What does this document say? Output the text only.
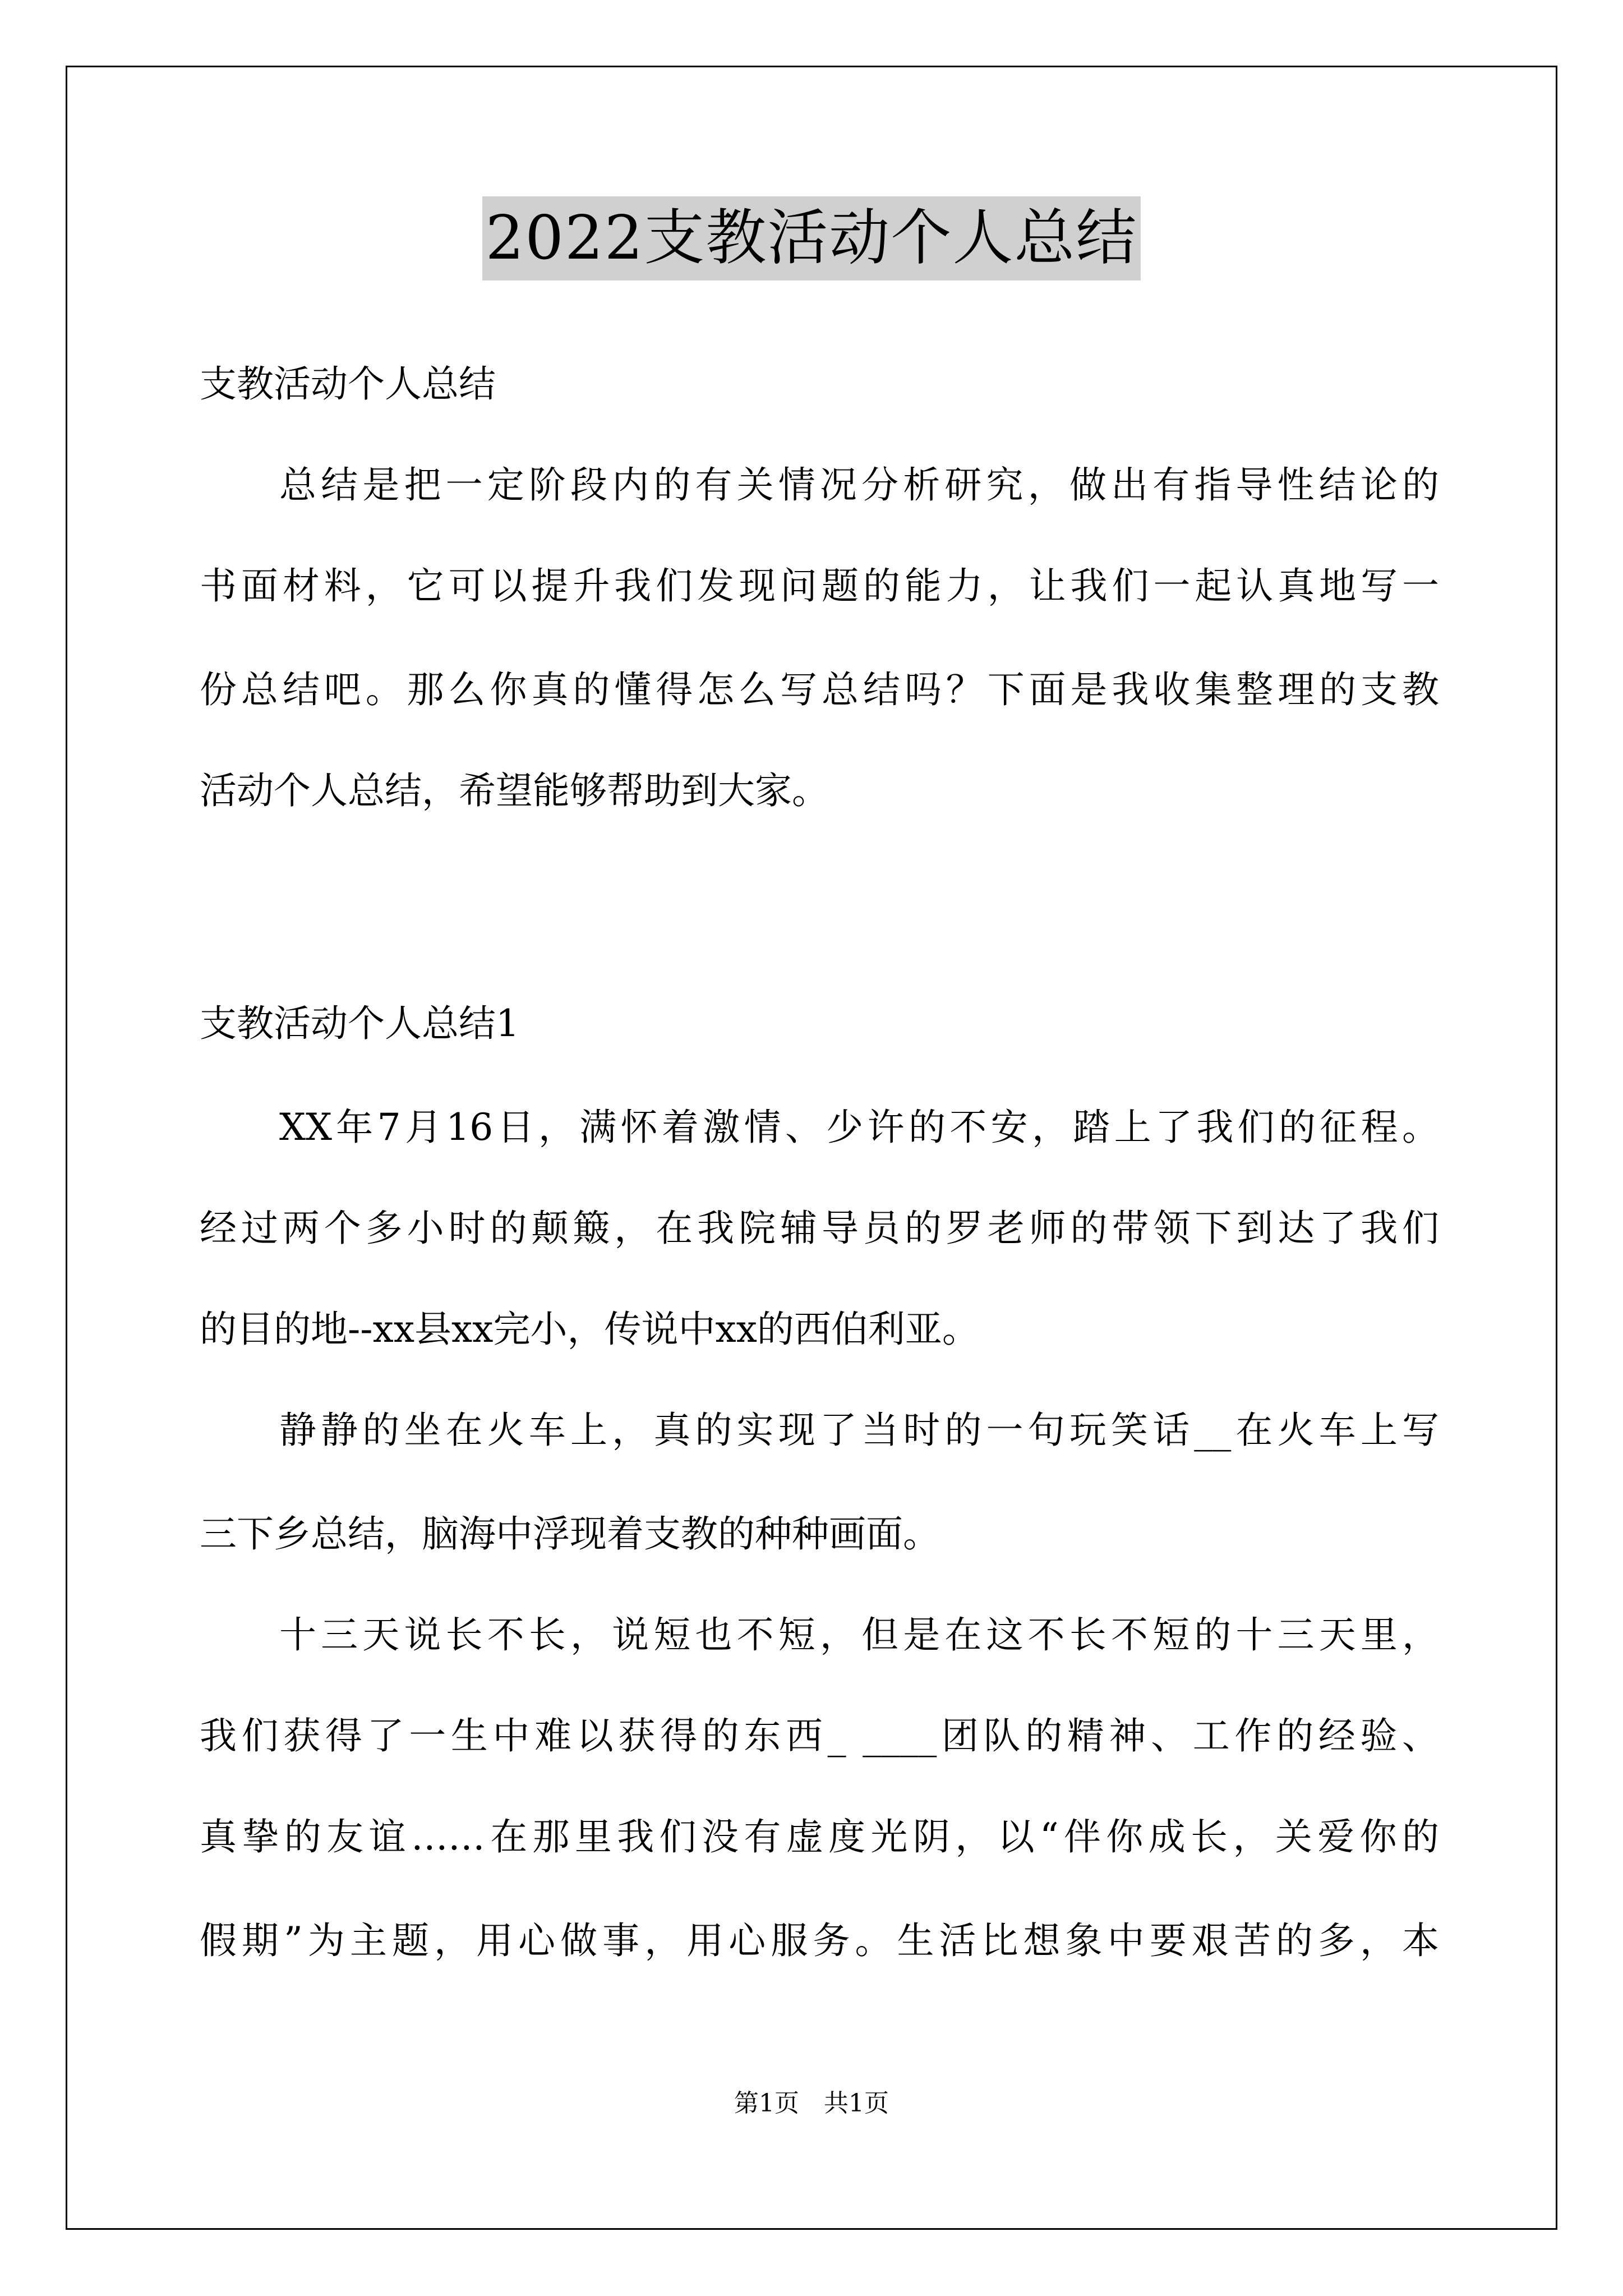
2022支教活动个人总结
支教活动个人总结
总结是把一定阶段内的有关情况分析研究，做出有指导性结论的
书面材料，它可以提升我们发现问题的能力，让我们一起认真地写一
份总结吧。那么你真的懂得怎么写总结吗？下面是我收集整理的支教
活动个人总结，希望能够帮助到大家。
支教活动个人总结1
XX年7月16日，满怀着激情、少许的不安，踏上了我们的征程。
经过两个多小时的颠簸，在我院辅导员的罗老师的带领下到达了我们
的目的地--xx县xx完小，传说中xx的西伯利亚。
静静的坐在火车上，真的实现了当时的一句玩笑话__在火车上写
三下乡总结，脑海中浮现着支教的种种画面。
十三天说长不长，说短也不短，但是在这不长不短的十三天里，
我们获得了一生中难以获得的东西_ ____团队的精神、工作的经验、
真挚的友谊……在那里我们没有虚度光阴，以“伴你成长，关爱你的
假期”为主题，用心做事，用心服务。生活比想象中要艰苦的多，本
第1页　共1页
